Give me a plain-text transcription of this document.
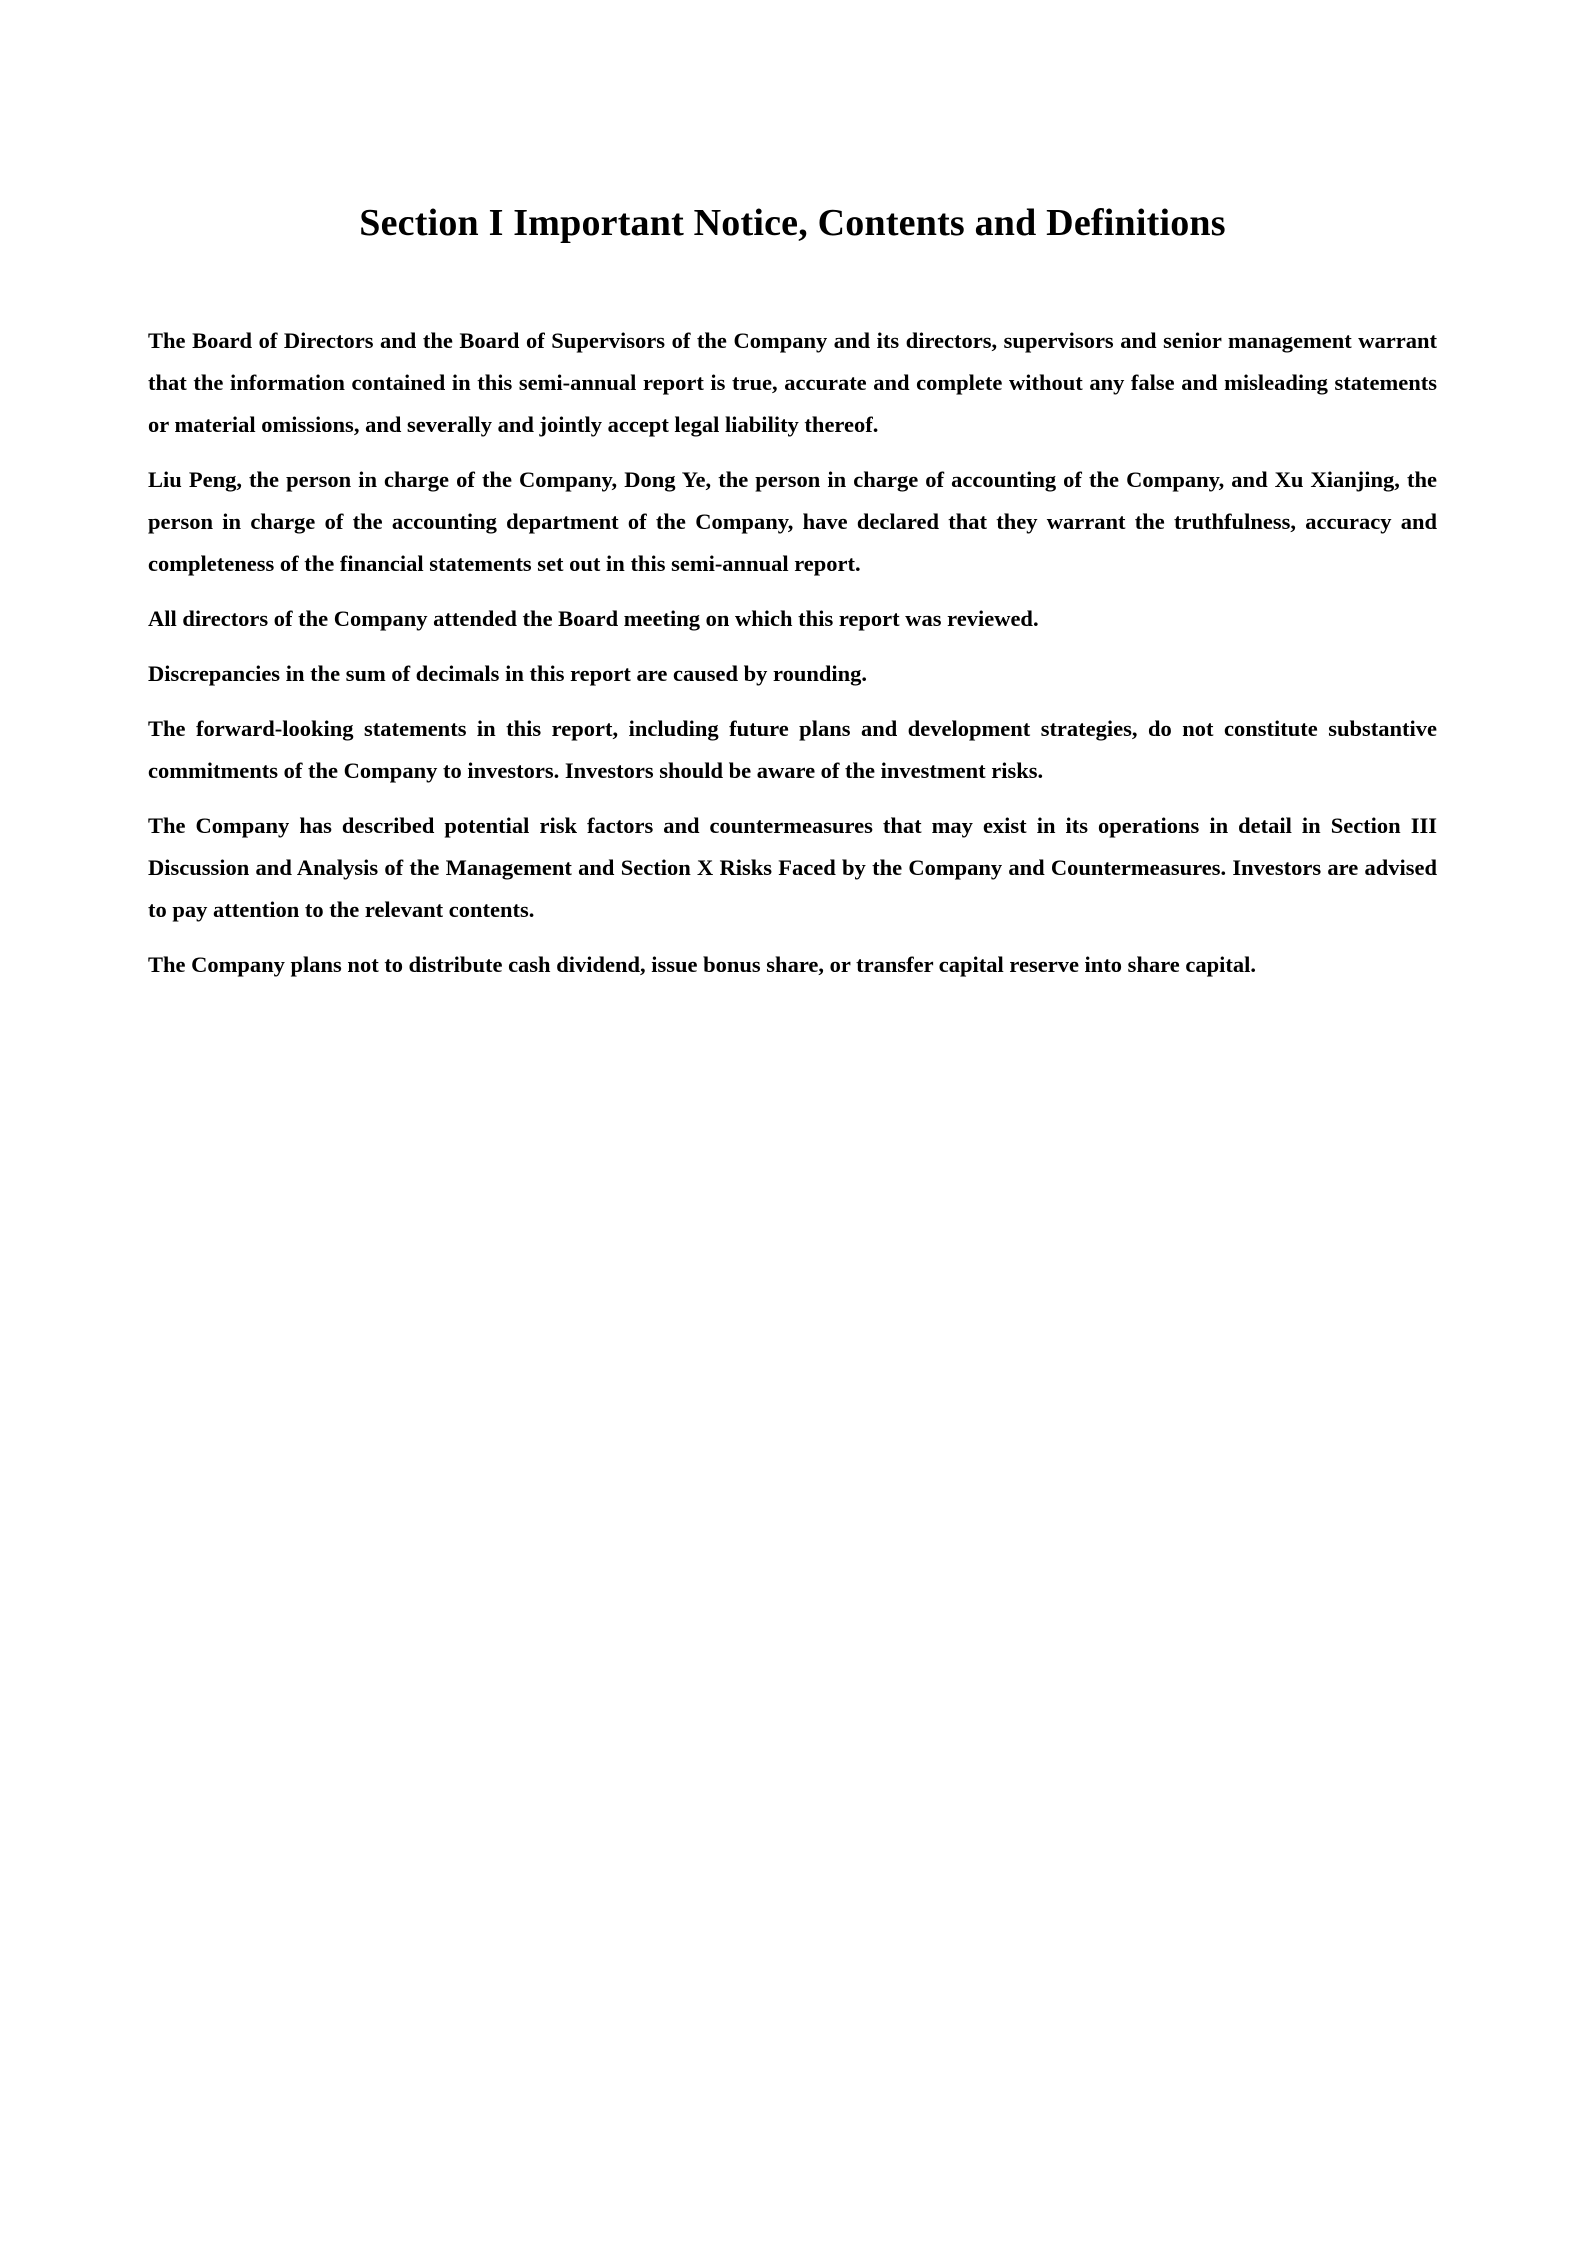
Section I Important Notice, Contents and Definitions

The Board of Directors and the Board of Supervisors of the Company and its directors, supervisors and senior management warrant that the information contained in this semi-annual report is true, accurate and complete without any false and misleading statements or material omissions, and severally and jointly accept legal liability thereof.

Liu Peng, the person in charge of the Company, Dong Ye, the person in charge of accounting of the Company, and Xu Xianjing, the person in charge of the accounting department of the Company, have declared that they warrant the truthfulness, accuracy and completeness of the financial statements set out in this semi-annual report.

All directors of the Company attended the Board meeting on which this report was reviewed.

Discrepancies in the sum of decimals in this report are caused by rounding.

The forward-looking statements in this report, including future plans and development strategies, do not constitute substantive commitments of the Company to investors. Investors should be aware of the investment risks.

The Company has described potential risk factors and countermeasures that may exist in its operations in detail in Section III Discussion and Analysis of the Management and Section X Risks Faced by the Company and Countermeasures. Investors are advised to pay attention to the relevant contents.

The Company plans not to distribute cash dividend, issue bonus share, or transfer capital reserve into share capital.
